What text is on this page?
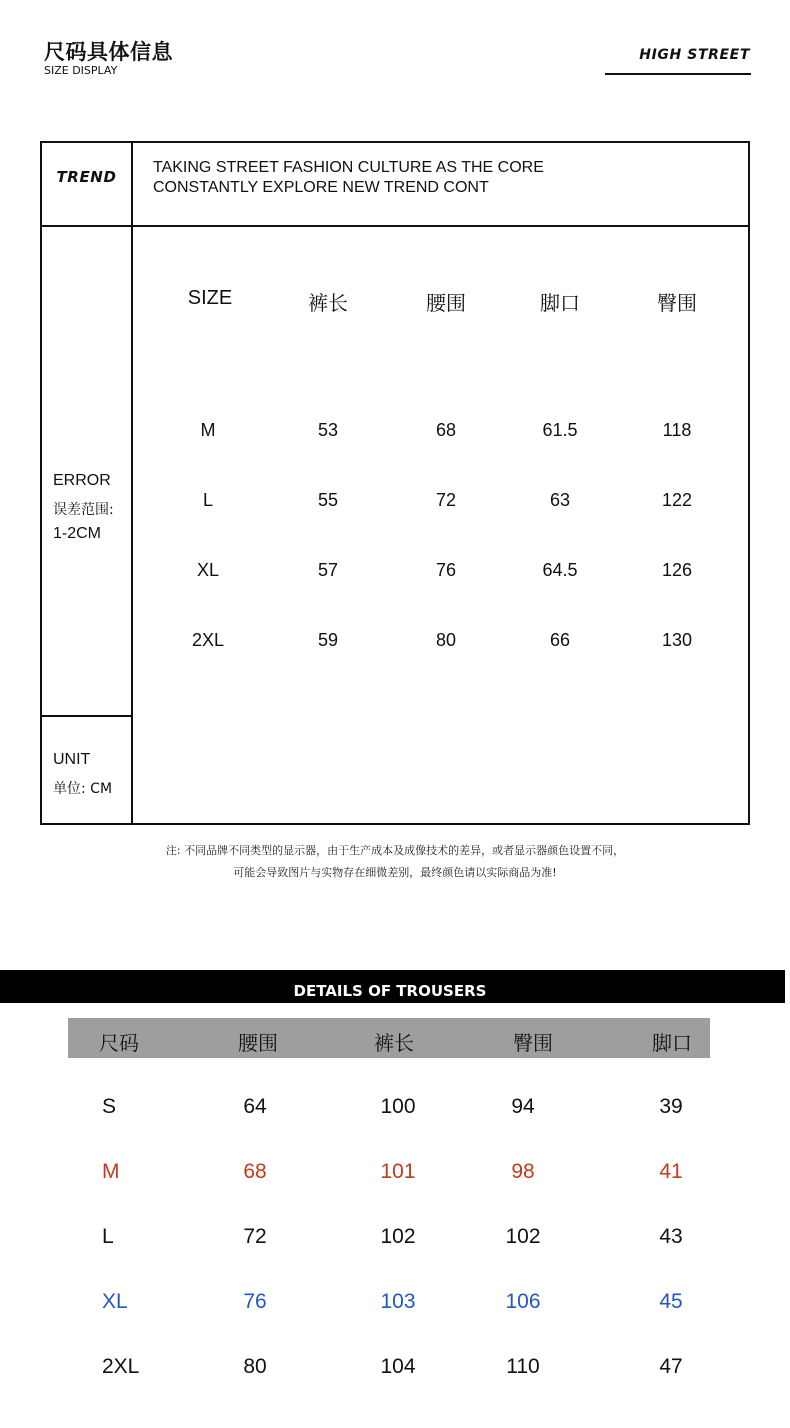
尺码具体信息
SIZE DISPLAY
HIGH STREET
TREND
TAKING STREET FASHION CULTURE AS THE CORE
CONSTANTLY EXPLORE NEW TREND CONT
ERROR
误差范围:
1-2CM
UNIT
单位: CM
SIZE	裤长	腰围	脚口	臀围
M	53	68	61.5	118
L	55	72	63	122
XL	57	76	64.5	126
2XL	59	80	66	130
注: 不同品牌不同类型的显示器，由于生产成本及成像技术的差异，或者显示器颜色设置不同，
可能会导致图片与实物存在细微差别，最终颜色请以实际商品为准!
DETAILS OF TROUSERS
尺码	腰围	裤长	臀围	脚口
S	64	100	94	39
M	68	101	98	41
L	72	102	102	43
XL	76	103	106	45
2XL	80	104	110	47
